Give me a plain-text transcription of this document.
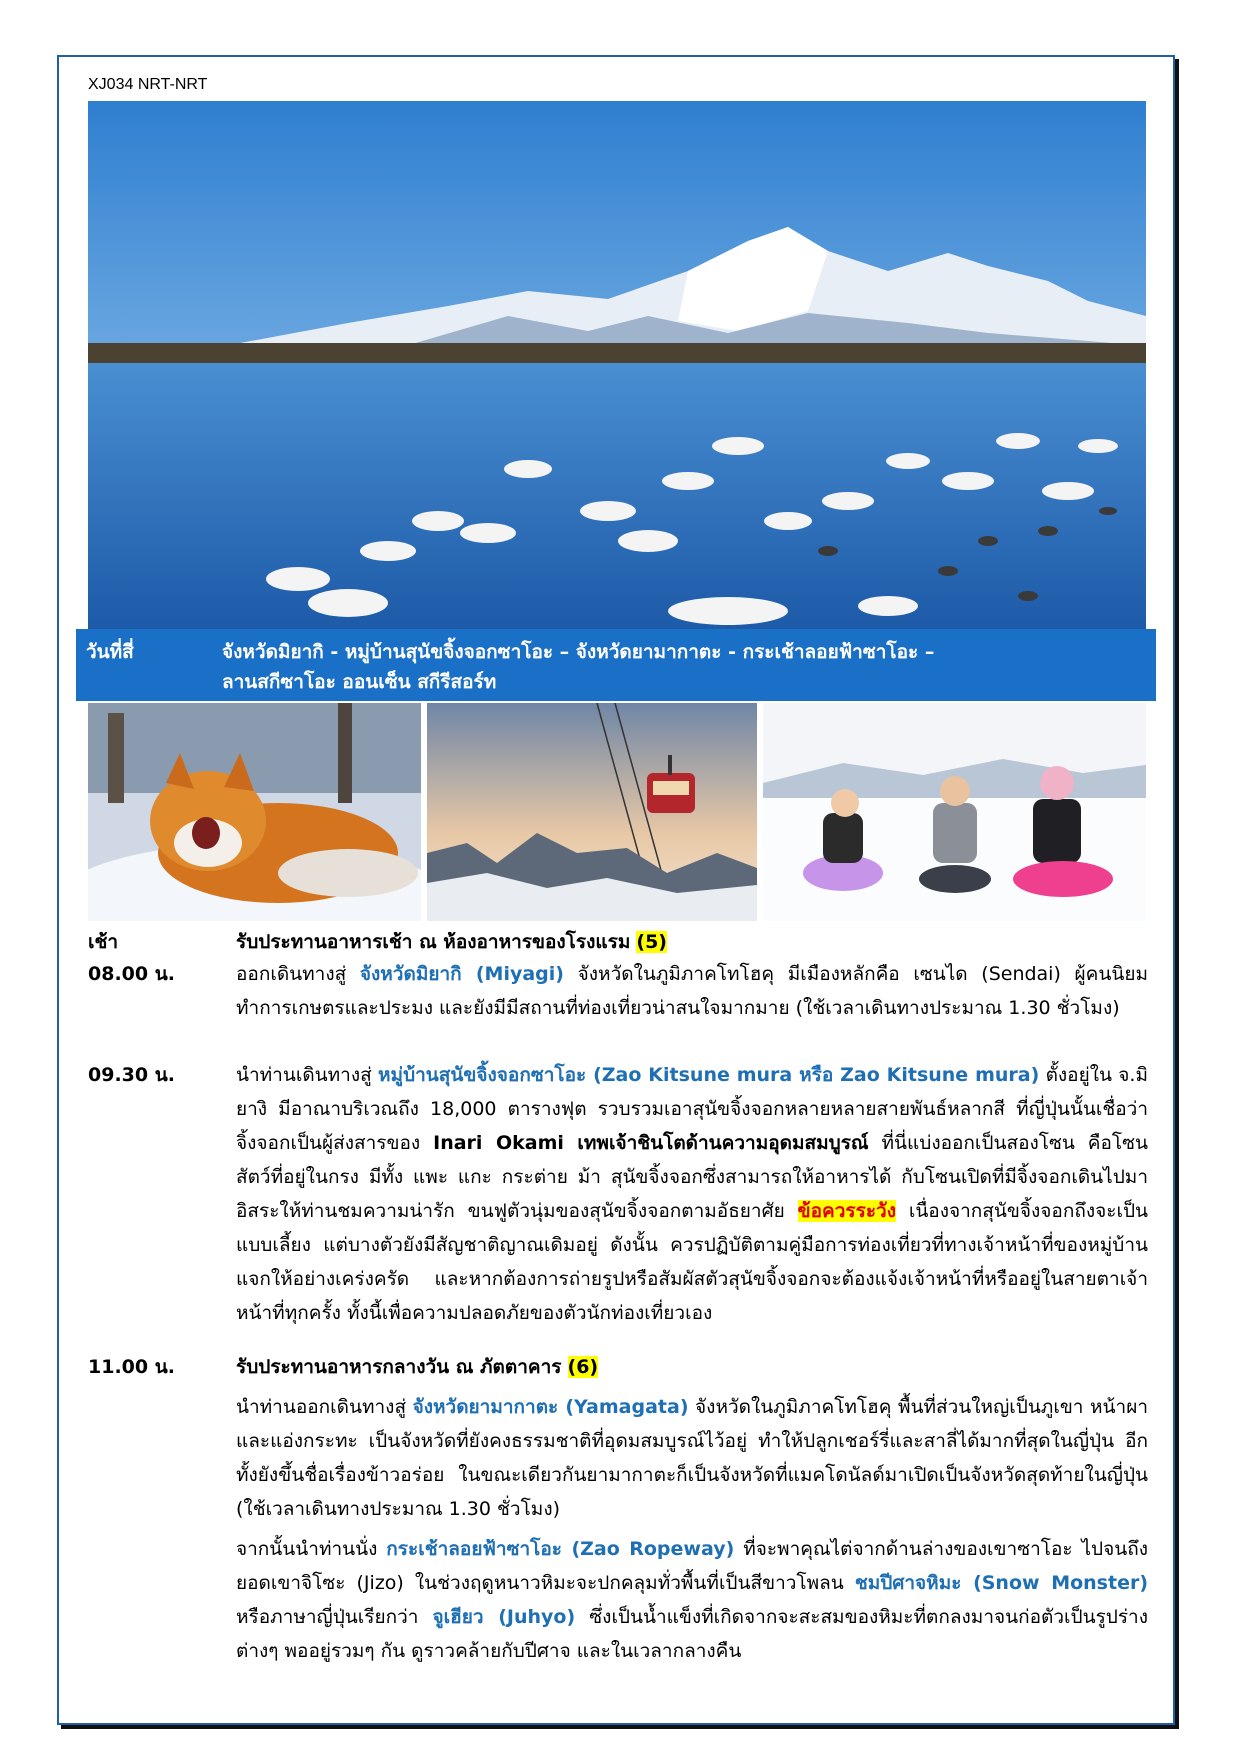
XJ034 NRT-NRT
วันที่สี่	จังหวัดมิยากิ - หมู่บ้านสุนัขจิ้งจอกซาโอะ – จังหวัดยามากาตะ - กระเช้าลอยฟ้าซาโอะ –
ลานสกีซาโอะ ออนเซ็น สกีรีสอร์ท
เช้า	รับประทานอาหารเช้า ณ ห้องอาหารของโรงแรม (5)
08.00 น.	ออกเดินทางสู่ จังหวัดมิยากิ (Miyagi) จังหวัดในภูมิภาคโทโฮคุ มีเมืองหลักคือ เซนได (Sendai) ผู้คนนิยมทำการเกษตรและประมง และยังมีมีสถานที่ท่องเที่ยวน่าสนใจมากมาย (ใช้เวลาเดินทางประมาณ 1.30 ชั่วโมง)
09.30 น.	นำท่านเดินทางสู่ หมู่บ้านสุนัขจิ้งจอกซาโอะ (Zao Kitsune mura หรือ Zao Kitsune mura) ตั้งอยู่ใน จ.มิยางิ มีอาณาบริเวณถึง 18,000 ตารางฟุต รวบรวมเอาสุนัขจิ้งจอกหลายหลายสายพันธ์หลากสี ที่ญี่ปุ่นนั้นเชื่อว่าจิ้งจอกเป็นผู้ส่งสารของ Inari Okami เทพเจ้าชินโตด้านความอุดมสมบูรณ์ ที่นี่แบ่งออกเป็นสองโซน คือโซนสัตว์ที่อยู่ในกรง มีทั้ง แพะ แกะ กระต่าย ม้า สุนัขจิ้งจอกซึ่งสามารถให้อาหารได้ กับโซนเปิดที่มีจิ้งจอกเดินไปมา อิสระให้ท่านชมความน่ารัก ขนฟูตัวนุ่มของสุนัขจิ้งจอกตามอัธยาศัย ข้อควรระวัง เนื่องจากสุนัขจิ้งจอกถึงจะเป็นแบบเลี้ยง แต่บางตัวยังมีสัญชาติญาณเดิมอยู่ ดังนั้น ควรปฏิบัติตามคู่มือการท่องเที่ยวที่ทางเจ้าหน้าที่ของหมู่บ้านแจกให้อย่างเคร่งครัด และหากต้องการถ่ายรูปหรือสัมผัสตัวสุนัขจิ้งจอกจะต้องแจ้งเจ้าหน้าที่หรืออยู่ในสายตาเจ้าหน้าที่ทุกครั้ง ทั้งนี้เพื่อความปลอดภัยของตัวนักท่องเที่ยวเอง
11.00 น.	รับประทานอาหารกลางวัน ณ ภัตตาคาร (6)
นำท่านออกเดินทางสู่ จังหวัดยามากาตะ (Yamagata) จังหวัดในภูมิภาคโทโฮคุ พื้นที่ส่วนใหญ่เป็นภูเขา หน้าผา และแอ่งกระทะ เป็นจังหวัดที่ยังคงธรรมชาติที่อุดมสมบูรณ์ไว้อยู่ ทำให้ปลูกเชอร์รี่และสาลี่ได้มากที่สุดในญี่ปุ่น อีกทั้งยังขึ้นชื่อเรื่องข้าวอร่อย ในขณะเดียวกันยามากาตะก็เป็นจังหวัดที่แมคโดนัลด์มาเปิดเป็นจังหวัดสุดท้ายในญี่ปุ่น (ใช้เวลาเดินทางประมาณ 1.30 ชั่วโมง)
จากนั้นนำท่านนั่ง กระเช้าลอยฟ้าซาโอะ (Zao Ropeway) ที่จะพาคุณไต่จากด้านล่างของเขาซาโอะ ไปจนถึงยอดเขาจิโซะ (Jizo) ในช่วงฤดูหนาวหิมะจะปกคลุมทั่วพื้นที่เป็นสีขาวโพลน ชมปีศาจหิมะ (Snow Monster) หรือภาษาญี่ปุ่นเรียกว่า จูเฮียว (Juhyo) ซึ่งเป็นน้ำแข็งที่เกิดจากจะสะสมของหิมะที่ตกลงมาจนก่อตัวเป็นรูปร่างต่างๆ พออยู่รวมๆ กัน ดูราวคล้ายกับปีศาจ และในเวลากลางคืน
